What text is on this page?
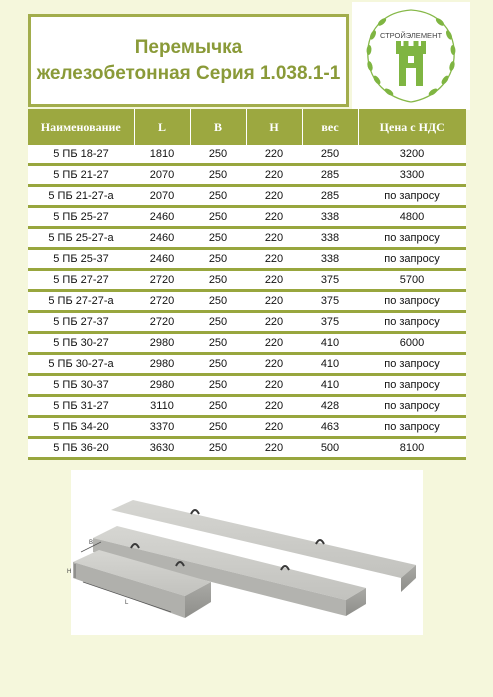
Перемычка
железобетонная Серия 1.038.1-1
СТРОЙЭЛЕМЕНТ
Наименование	L	B	H	вес	Цена с НДС
5 ПБ 18-27	1810	250	220	250	3200
5 ПБ 21-27	2070	250	220	285	3300
5 ПБ 21-27-а	2070	250	220	285	по запросу
5 ПБ 25-27	2460	250	220	338	4800
5 ПБ 25-27-а	2460	250	220	338	по запросу
5 ПБ 25-37	2460	250	220	338	по запросу
5 ПБ 27-27	2720	250	220	375	5700
5 ПБ 27-27-а	2720	250	220	375	по запросу
5 ПБ 27-37	2720	250	220	375	по запросу
5 ПБ 30-27	2980	250	220	410	6000
5 ПБ 30-27-а	2980	250	220	410	по запросу
5 ПБ 30-37	2980	250	220	410	по запросу
5 ПБ 31-27	3110	250	220	428	по запросу
5 ПБ 34-20	3370	250	220	463	по запросу
5 ПБ 36-20	3630	250	220	500	8100
B
H
L
